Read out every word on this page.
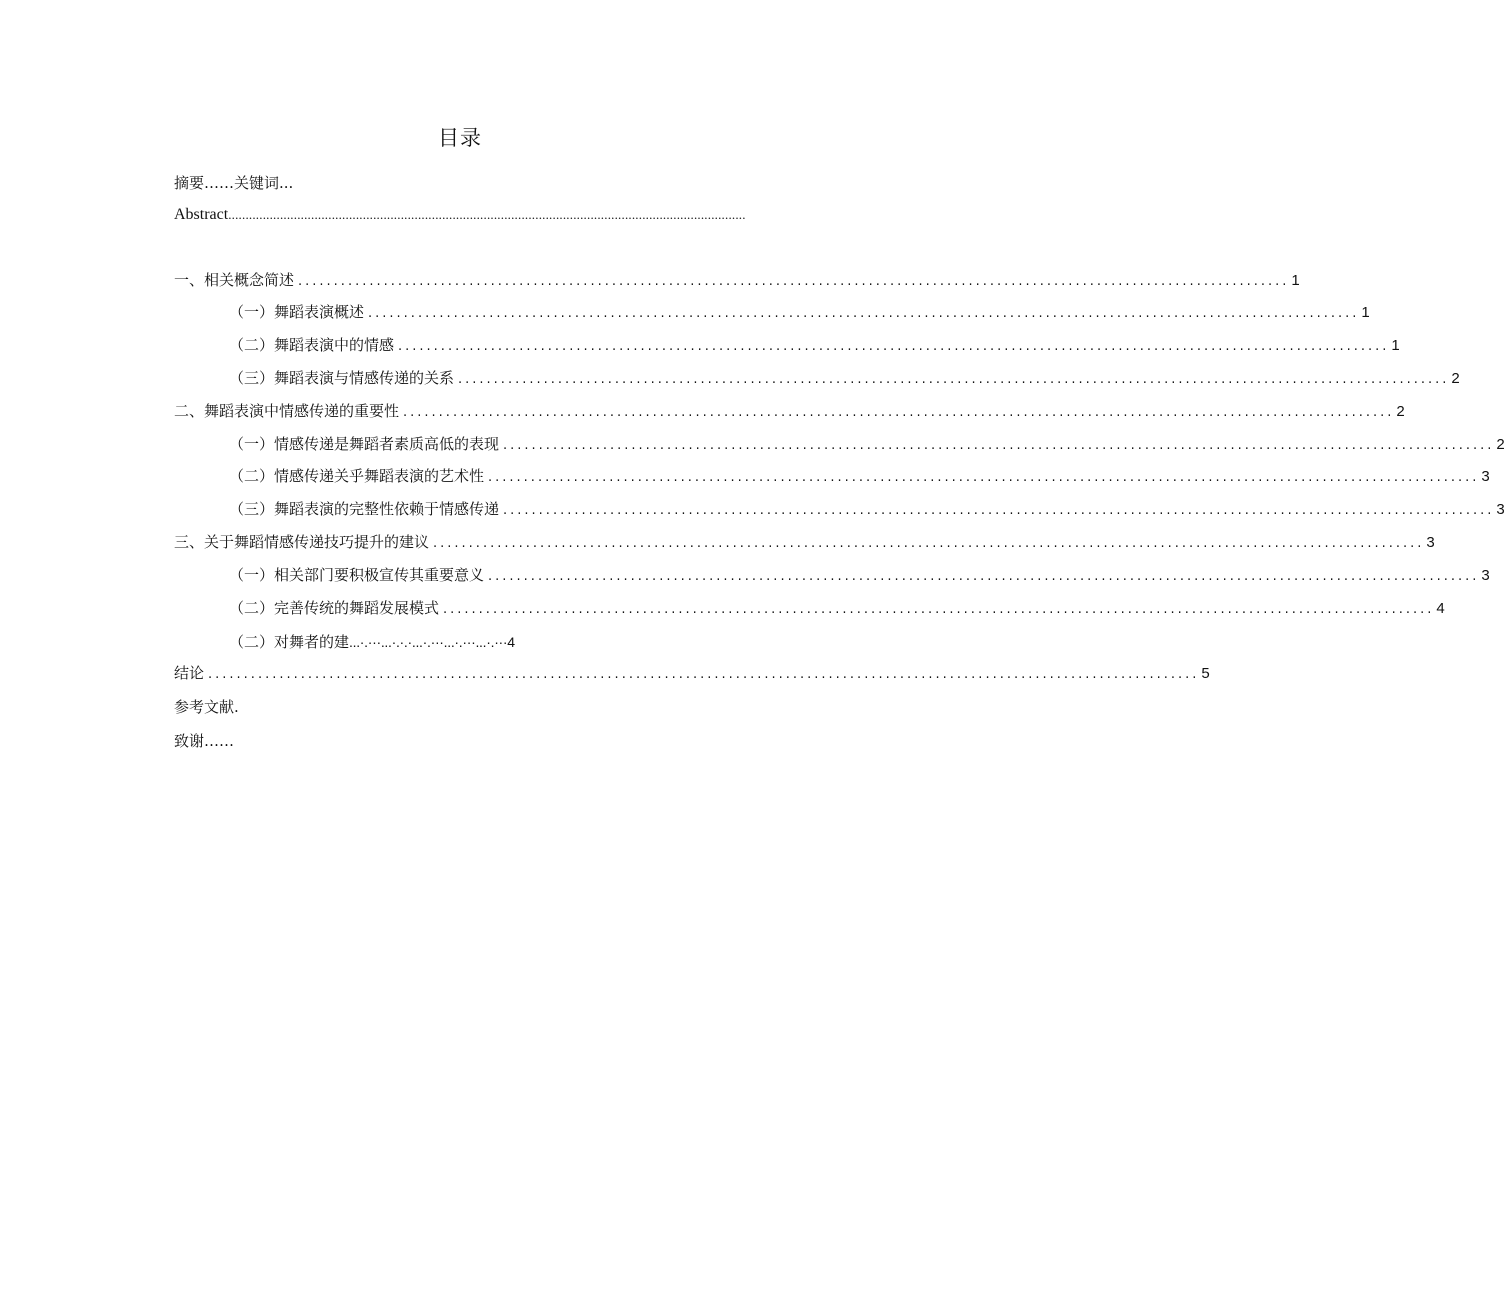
目录
摘要……关键词...
Abstract......................................................................................................................................................
一、相关概念简述 ........................................................................................................................................... 1
（一）舞蹈表演概述 ........................................................................................................................................... 1
（二）舞蹈表演中的情感 ........................................................................................................................................... 1
（三）舞蹈表演与情感传递的关系 ........................................................................................................................................... 2
二、舞蹈表演中情感传递的重要性 ........................................................................................................................................... 2
（一）情感传递是舞蹈者素质高低的表现 ........................................................................................................................................... 2
（二）情感传递关乎舞蹈表演的艺术性 ........................................................................................................................................... 3
（三）舞蹈表演的完整性依赖于情感传递 ........................................................................................................................................... 3
三、关于舞蹈情感传递技巧提升的建议 ........................................................................................................................................... 3
（一）相关部门要积极宣传其重要意义 ........................................................................................................................................... 3
（二）完善传统的舞蹈发展模式 ........................................................................................................................................... 4
（二）对舞者的建...·.···...·.·.·...·.···...·.···...·.···4
结论 ........................................................................................................................................... 5
参考文献.
致谢……
